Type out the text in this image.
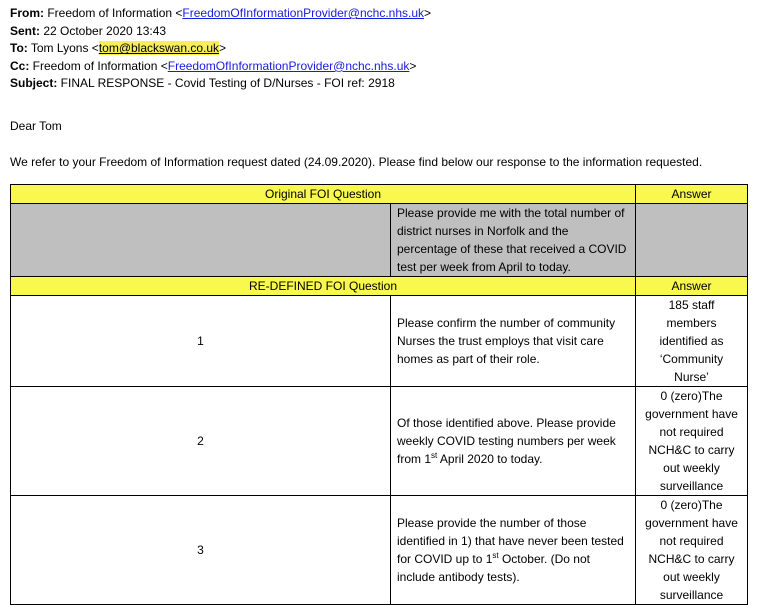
From: Freedom of Information <FreedomOfInformationProvider@nchc.nhs.uk>

Sent: 22 October 2020 13:43

To: Tom Lyons <tom@blackswan.co.uk>

Cc: Freedom of Information <FreedomOfInformationProvider@nchc.nhs.uk>

Subject: FINAL RESPONSE - Covid Testing of D/Nurses - FOI ref: 2918

Dear Tom

We refer to your Freedom of Information request dated (24.09.2020). Please find below our response to the information requested.

Original FOI Question		Answer
	Please provide me with the total number of district nurses in Norfolk and the percentage of these that received a COVID test per week from April to today.	
RE-DEFINED FOI Question		Answer
1	Please confirm the number of community Nurses the trust employs that visit care homes as part of their role.	185 staff members identified as ‘Community Nurse’
2	Of those identified above. Please provide weekly COVID testing numbers per week from 1st April 2020 to today.	0 (zero)The government have not required NCH&C to carry out weekly surveillance
3	Please provide the number of those identified in 1) that have never been tested for COVID up to 1st October. (Do not include antibody tests).	0 (zero)The government have not required NCH&C to carry out weekly surveillance
